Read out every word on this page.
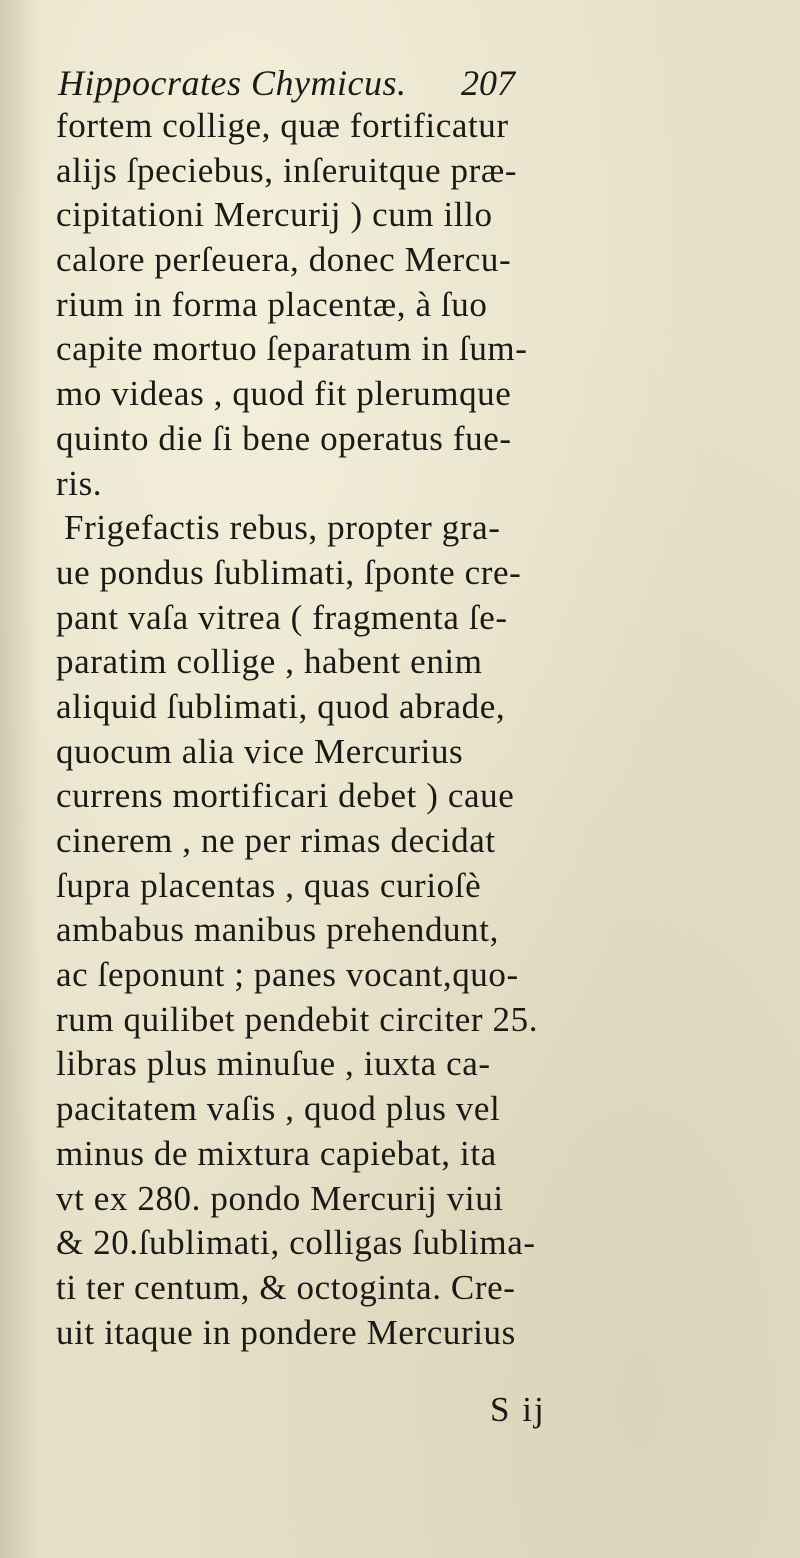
Hippocrates Chymicus. 207
fortem collige, quæ fortificatur
alijs ſpeciebus, inſeruitque præ-
cipitationi Mercurij ) cum illo
calore perſeuera, donec Mercu-
rium in forma placentæ, à ſuo
capite mortuo ſeparatum in ſum-
mo videas , quod fit plerumque
quinto die ſi bene operatus fue-
ris.
Frigefactis rebus, propter gra-
ue pondus ſublimati, ſponte cre-
pant vaſa vitrea ( fragmenta ſe-
paratim collige , habent enim
aliquid ſublimati, quod abrade,
quocum alia vice Mercurius
currens mortificari debet ) caue
cinerem , ne per rimas decidat
ſupra placentas , quas curioſè
ambabus manibus prehendunt,
ac ſeponunt ; panes vocant,quo-
rum quilibet pendebit circiter 25.
libras plus minuſue , iuxta ca-
pacitatem vaſis , quod plus vel
minus de mixtura capiebat, ita
vt ex 280. pondo Mercurij viui
& 20.ſublimati, colligas ſublima-
ti ter centum, & octoginta. Cre-
uit itaque in pondere Mercurius
S ij
